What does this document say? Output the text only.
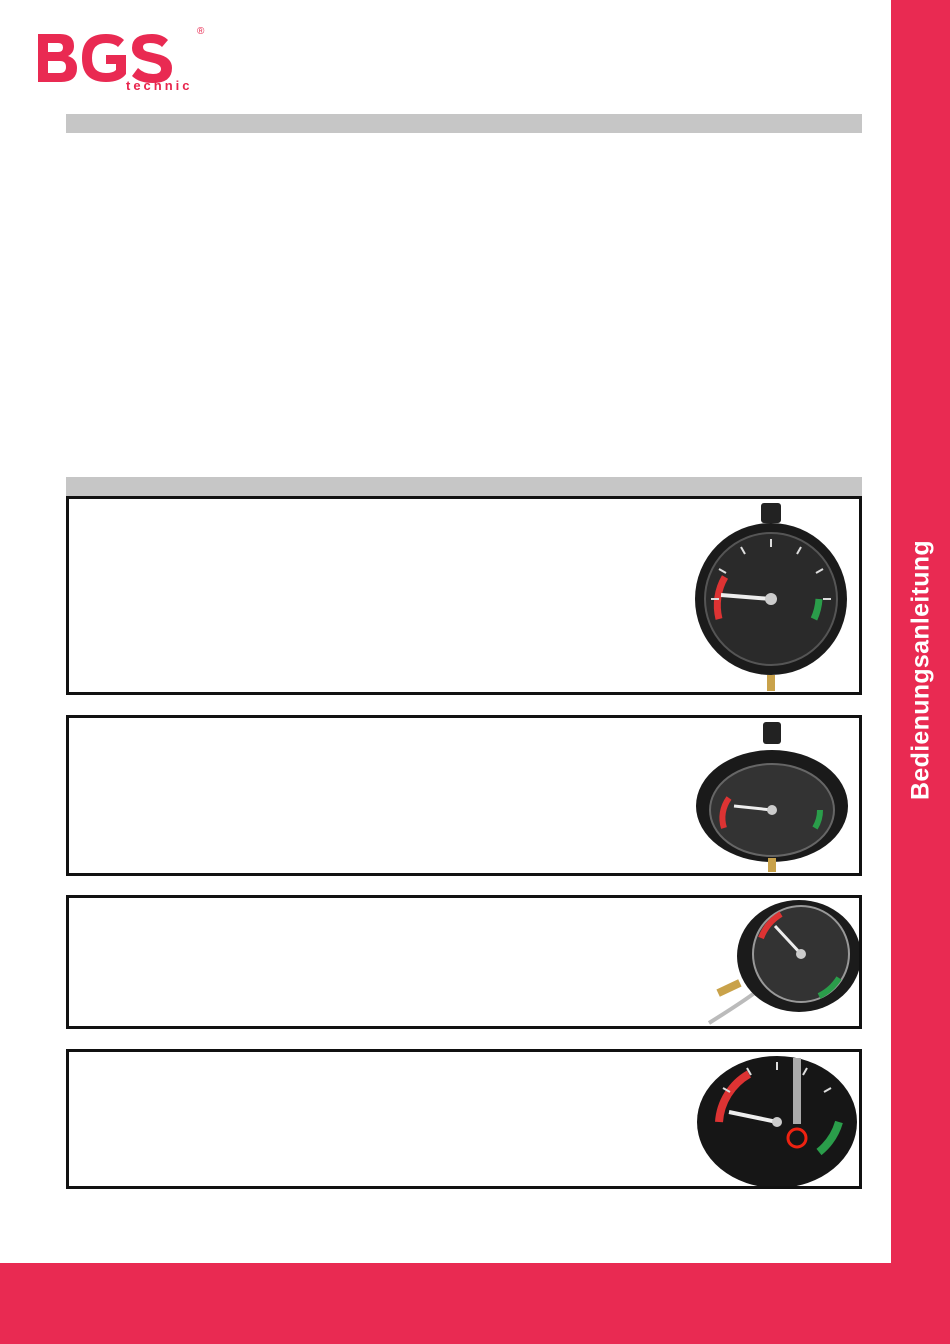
®
technic
Bedienungsanleitung
